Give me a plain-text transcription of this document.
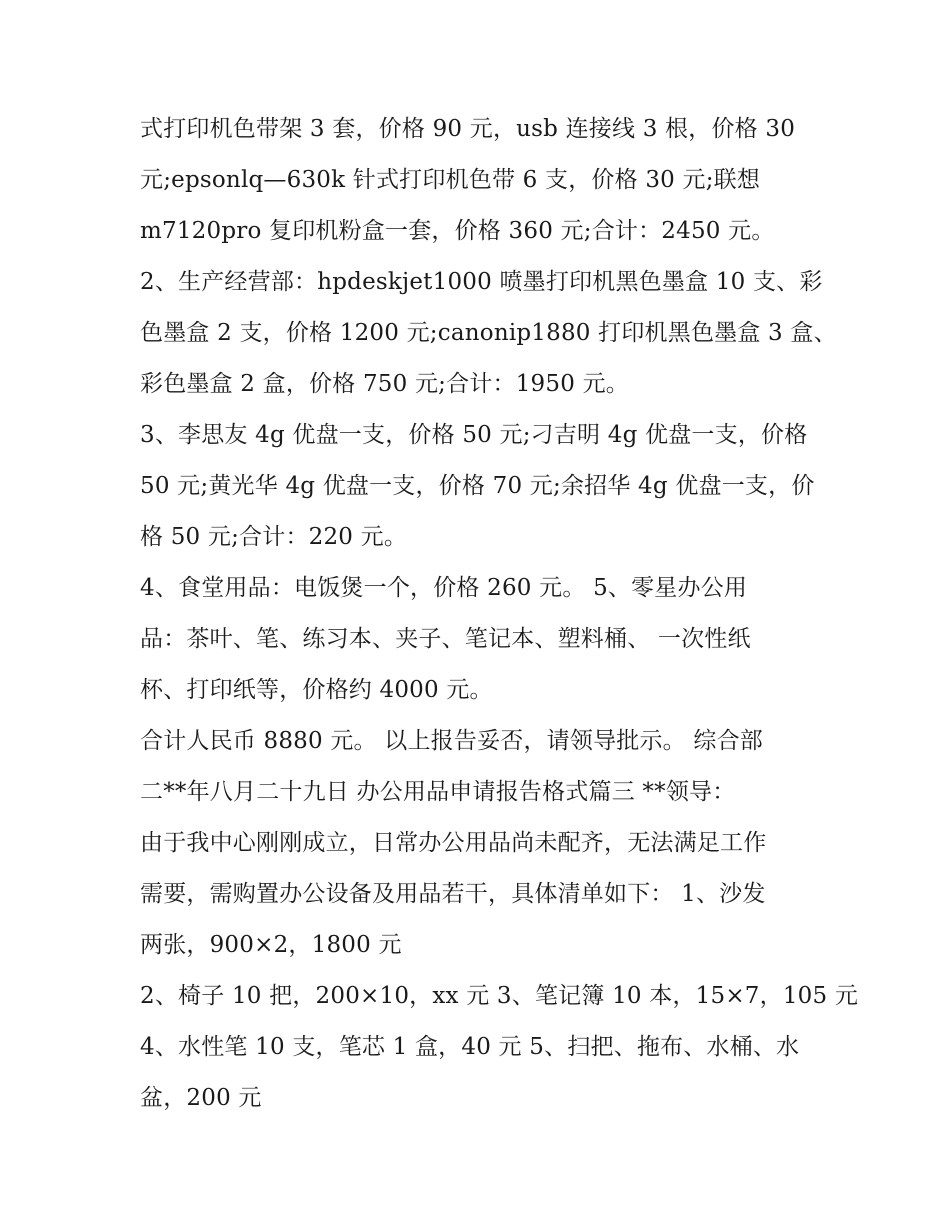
式打印机色带架 3 套，价格 90 元，usb 连接线 3 根，价格 30
元;epsonlq—630k 针式打印机色带 6 支，价格 30 元;联想
m7120pro 复印机粉盒一套，价格 360 元;合计：2450 元。
2、生产经营部：hpdeskjet1000 喷墨打印机黑色墨盒 10 支、彩
色墨盒 2 支，价格 1200 元;canonip1880 打印机黑色墨盒 3 盒、
彩色墨盒 2 盒，价格 750 元;合计：1950 元。
3、李思友 4g 优盘一支，价格 50 元;刁吉明 4g 优盘一支，价格
50 元;黄光华 4g 优盘一支，价格 70 元;余招华 4g 优盘一支，价
格 50 元;合计：220 元。
4、食堂用品：电饭煲一个，价格 260 元。 5、零星办公用
品：茶叶、笔、练习本、夹子、笔记本、塑料桶、 一次性纸
杯、打印纸等，价格约 4000 元。
合计人民币 8880 元。 以上报告妥否，请领导批示。 综合部
二**年八月二十九日 办公用品申请报告格式篇三 **领导：
由于我中心刚刚成立，日常办公用品尚未配齐，无法满足工作
需要，需购置办公设备及用品若干，具体清单如下： 1、沙发
两张，900×2，1800 元
2、椅子 10 把，200×10，xx 元 3、笔记簿 10 本，15×7，105 元
4、水性笔 10 支，笔芯 1 盒，40 元 5、扫把、拖布、水桶、水
盆，200 元
